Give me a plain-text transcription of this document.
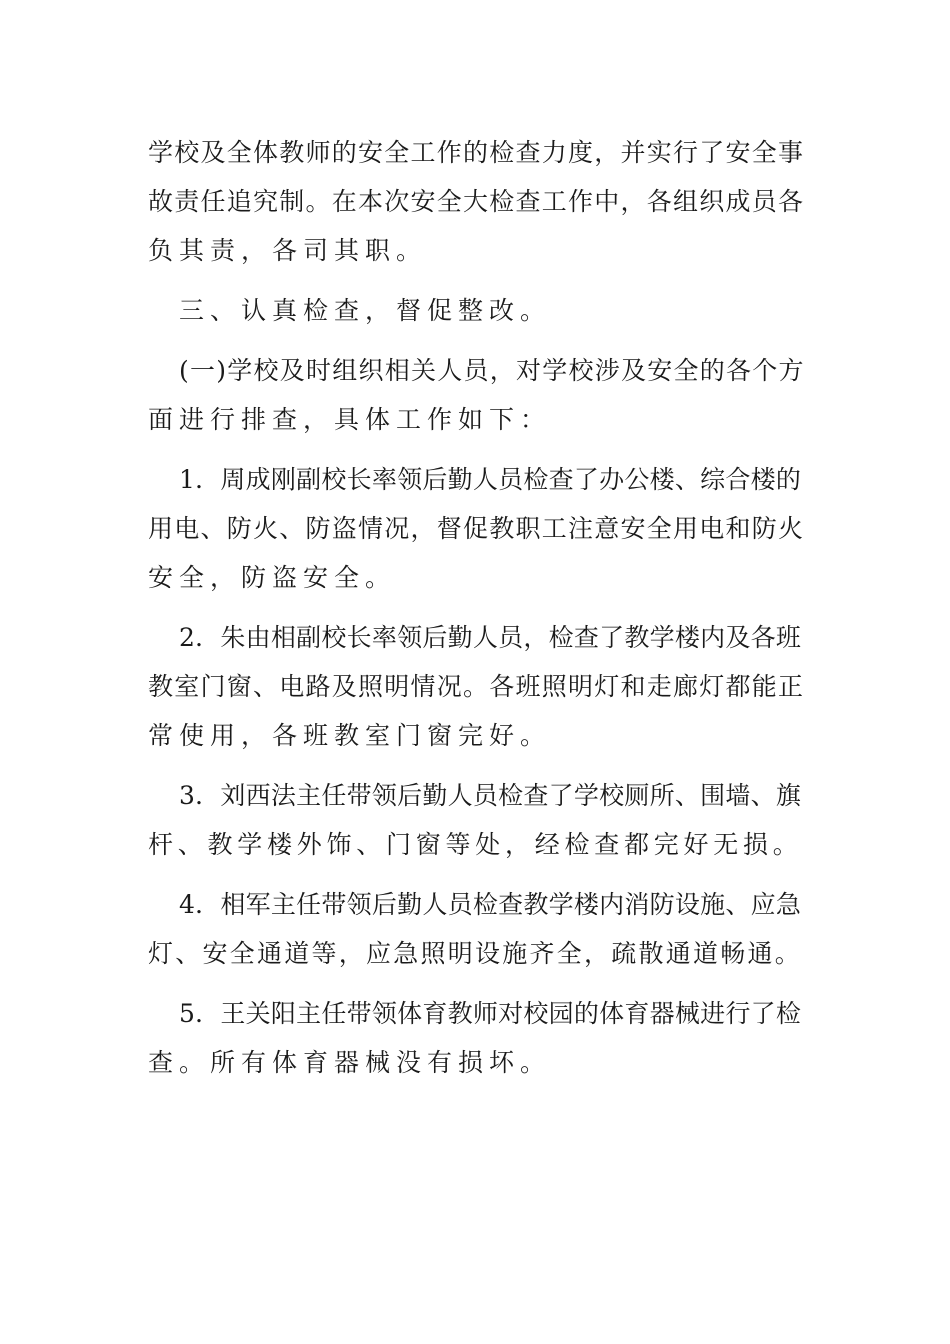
学校及全体教师的安全工作的检查力度，并实行了安全事
故责任追究制。在本次安全大检查工作中，各组织成员各
负其责，各司其职。
三、认真检查，督促整改。
(一)学校及时组织相关人员，对学校涉及安全的各个方
面进行排查，具体工作如下：
1．周成刚副校长率领后勤人员检查了办公楼、综合楼的
用电、防火、防盗情况，督促教职工注意安全用电和防火
安全，防盗安全。
2．朱由相副校长率领后勤人员，检查了教学楼内及各班
教室门窗、电路及照明情况。各班照明灯和走廊灯都能正
常使用，各班教室门窗完好。
3．刘西法主任带领后勤人员检查了学校厕所、围墙、旗
杆、教学楼外饰、门窗等处，经检查都完好无损。
4．相军主任带领后勤人员检查教学楼内消防设施、应急
灯、安全通道等，应急照明设施齐全，疏散通道畅通。
5．王关阳主任带领体育教师对校园的体育器械进行了检
查。所有体育器械没有损坏。
